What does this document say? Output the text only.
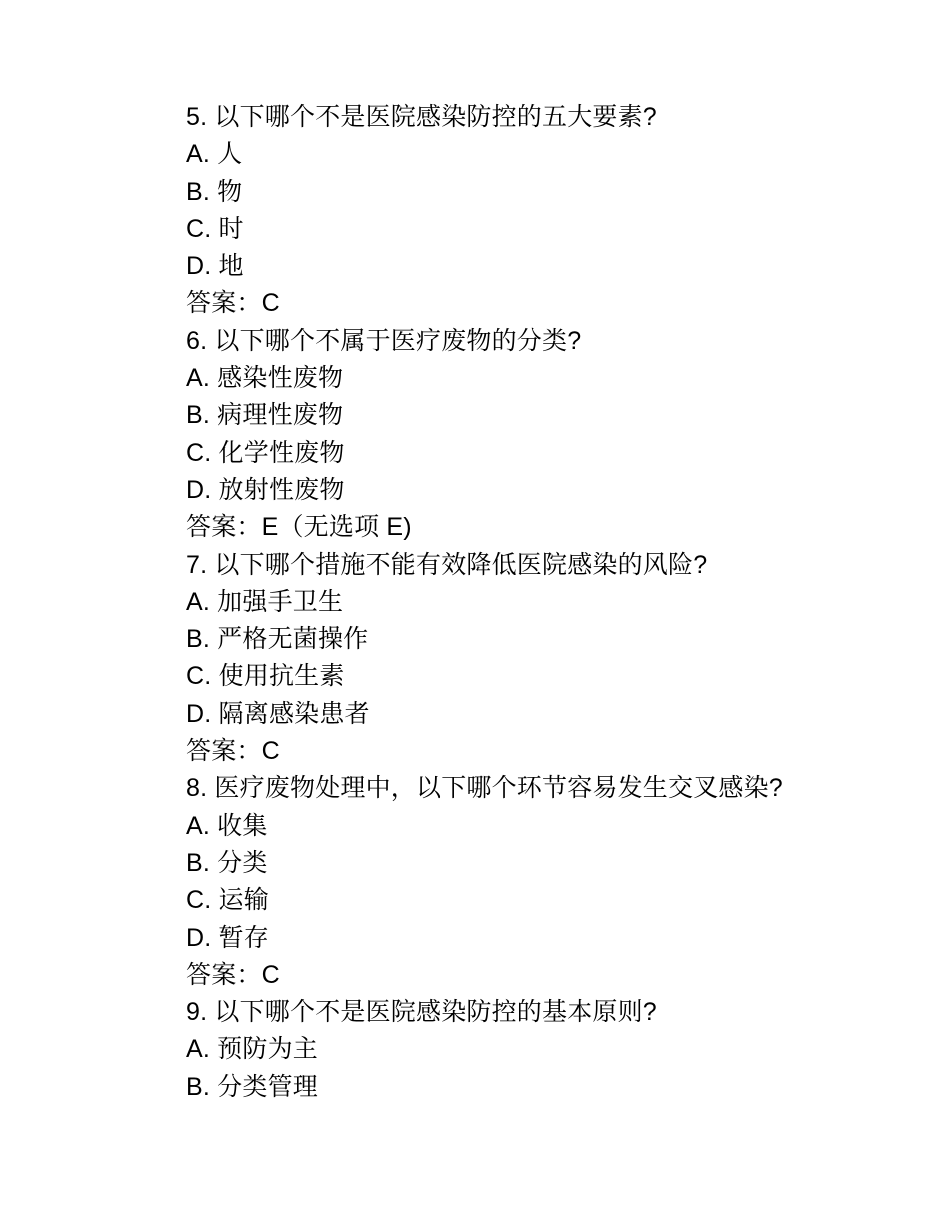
5. 以下哪个不是医院感染防控的五大要素?
A. 人
B. 物
C. 时
D. 地
答案：C
6. 以下哪个不属于医疗废物的分类?
A. 感染性废物
B. 病理性废物
C. 化学性废物
D. 放射性废物
答案：E（无选项 E)
7. 以下哪个措施不能有效降低医院感染的风险?
A. 加强手卫生
B. 严格无菌操作
C. 使用抗生素
D. 隔离感染患者
答案：C
8. 医疗废物处理中，以下哪个环节容易发生交叉感染?
A. 收集
B. 分类
C. 运输
D. 暂存
答案：C
9. 以下哪个不是医院感染防控的基本原则?
A. 预防为主
B. 分类管理
